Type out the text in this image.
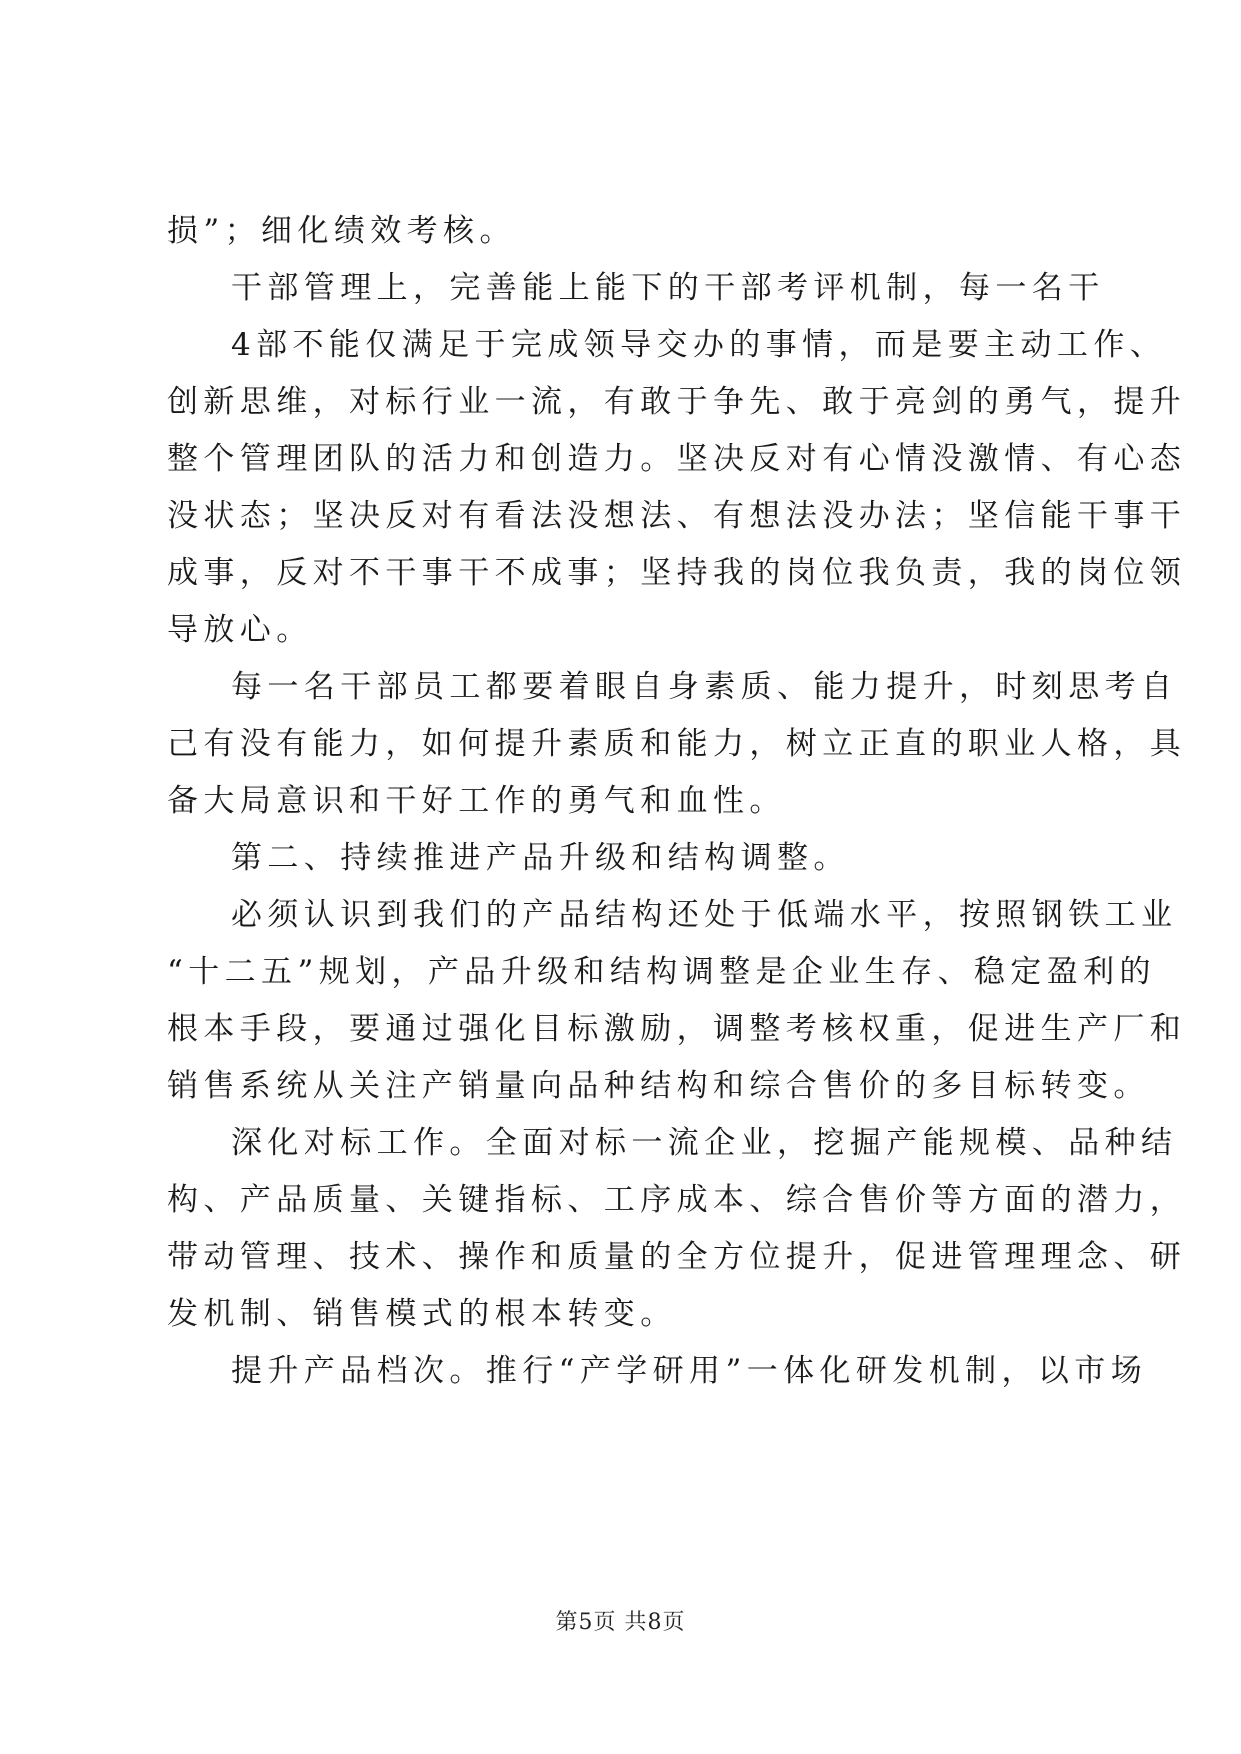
损”；细化绩效考核。
干部管理上，完善能上能下的干部考评机制，每一名干
4部不能仅满足于完成领导交办的事情，而是要主动工作、
创新思维，对标行业一流，有敢于争先、敢于亮剑的勇气，提升
整个管理团队的活力和创造力。坚决反对有心情没激情、有心态
没状态；坚决反对有看法没想法、有想法没办法；坚信能干事干
成事，反对不干事干不成事；坚持我的岗位我负责，我的岗位领
导放心。
每一名干部员工都要着眼自身素质、能力提升，时刻思考自
己有没有能力，如何提升素质和能力，树立正直的职业人格，具
备大局意识和干好工作的勇气和血性。
第二、持续推进产品升级和结构调整。
必须认识到我们的产品结构还处于低端水平，按照钢铁工业
“十二五”规划，产品升级和结构调整是企业生存、稳定盈利的
根本手段，要通过强化目标激励，调整考核权重，促进生产厂和
销售系统从关注产销量向品种结构和综合售价的多目标转变。
深化对标工作。全面对标一流企业，挖掘产能规模、品种结
构、产品质量、关键指标、工序成本、综合售价等方面的潜力，
带动管理、技术、操作和质量的全方位提升，促进管理理念、研
发机制、销售模式的根本转变。
提升产品档次。推行“产学研用”一体化研发机制，以市场
第5页 共8页
